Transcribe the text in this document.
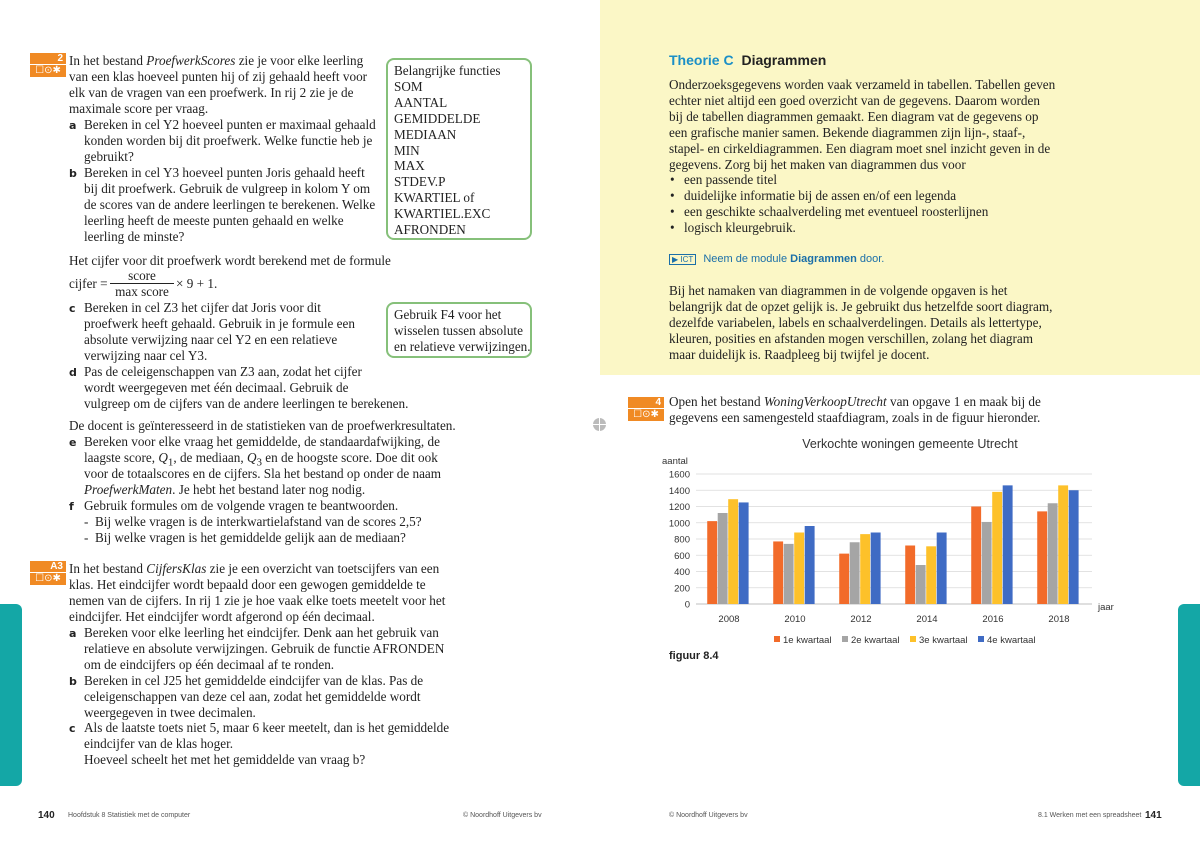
2
☐⊙✱
In het bestand ProefwerkScores zie je voor elke leerling
van een klas hoeveel punten hij of zij gehaald heeft voor
elk van de vragen van een proefwerk. In rij 2 zie je de
maximale score per vraag.
a Bereken in cel Y2 hoeveel punten er maximaal gehaald
konden worden bij dit proefwerk. Welke functie heb je
gebruikt?
b Bereken in cel Y3 hoeveel punten Joris gehaald heeft
bij dit proefwerk. Gebruik de vulgreep in kolom Y om
de scores van de andere leerlingen te berekenen. Welke
leerling heeft de meeste punten gehaald en welke
leerling de minste?
Het cijfer voor dit proefwerk wordt berekend met de formule
cijfer =
score
max score
× 9 + 1.
c Bereken in cel Z3 het cijfer dat Joris voor dit
proefwerk heeft gehaald. Gebruik in je formule een
absolute verwijzing naar cel Y2 en een relatieve
verwijzing naar cel Y3.
d Pas de celeigenschappen van Z3 aan, zodat het cijfer
wordt weergegeven met één decimaal. Gebruik de
vulgreep om de cijfers van de andere leerlingen te berekenen.
De docent is geïnteresseerd in de statistieken van de proefwerkresultaten.
e Bereken voor elke vraag het gemiddelde, de standaardafwijking, de
laagste score, $Q_1$, de mediaan, $Q_3$ en de hoogste score. Doe dit ook
voor de totaalscores en de cijfers. Sla het bestand op onder de naam
ProefwerkMaten. Je hebt het bestand later nog nodig.
f Gebruik formules om de volgende vragen te beantwoorden.
-  Bij welke vragen is de interkwartielafstand van de scores 2,5?
-  Bij welke vragen is het gemiddelde gelijk aan de mediaan?
Belangrijke functies
SOM
AANTAL
GEMIDDELDE
MEDIAAN
MIN
MAX
STDEV.P
KWARTIEL of
KWARTIEL.EXC
AFRONDEN
Gebruik F4 voor het
wisselen tussen absolute
en relatieve verwijzingen.
A3
☐⊙✱
In het bestand CijfersKlas zie je een overzicht van toetscijfers van een
klas. Het eindcijfer wordt bepaald door een gewogen gemiddelde te
nemen van de cijfers. In rij 1 zie je hoe vaak elke toets meetelt voor het
eindcijfer. Het eindcijfer wordt afgerond op één decimaal.
a Bereken voor elke leerling het eindcijfer. Denk aan het gebruik van
relatieve en absolute verwijzingen. Gebruik de functie AFRONDEN
om de eindcijfers op één decimaal af te ronden.
b Bereken in cel J25 het gemiddelde eindcijfer van de klas. Pas de
celeigenschappen van deze cel aan, zodat het gemiddelde wordt
weergegeven in twee decimalen.
c Als de laatste toets niet 5, maar 6 keer meetelt, dan is het gemiddelde
eindcijfer van de klas hoger.
Hoeveel scheelt het met het gemiddelde van vraag b?
140 Hoofdstuk 8 Statistiek met de computer	© Noordhoff Uitgevers bv
Theorie C Diagrammen
Onderzoeksgegevens worden vaak verzameld in tabellen. Tabellen geven
echter niet altijd een goed overzicht van de gegevens. Daarom worden
bij de tabellen diagrammen gemaakt. Een diagram vat de gegevens op
een grafische manier samen. Bekende diagrammen zijn lijn-, staaf-,
stapel- en cirkeldiagrammen. Een diagram moet snel inzicht geven in de
gegevens. Zorg bij het maken van diagrammen dus voor
• een passende titel
• duidelijke informatie bij de assen en/of een legenda
• een geschikte schaalverdeling met eventueel roosterlijnen
• logisch kleurgebruik.
▶ ICT Neem de module Diagrammen door.
Bij het namaken van diagrammen in de volgende opgaven is het
belangrijk dat de opzet gelijk is. Je gebruikt dus hetzelfde soort diagram,
dezelfde variabelen, labels en schaalverdelingen. Details als lettertype,
kleuren, posities en afstanden mogen verschillen, zolang het diagram
maar duidelijk is. Raadpleeg bij twijfel je docent.
4
☐⊙✱
Open het bestand WoningVerkoopUtrecht van opgave 1 en maak bij de
gegevens een samengesteld staafdiagram, zoals in de figuur hieronder.
Verkochte woningen gemeente Utrecht
aantal
jaar
0
200
400
600
800
1000
1200
1400
1600
2008	2010	2012	2014	2016	2018
1e kwartaal 2e kwartaal 3e kwartaal 4e kwartaal
figuur 8.4
© Noordhoff Uitgevers bv	8.1 Werken met een spreadsheet 141
